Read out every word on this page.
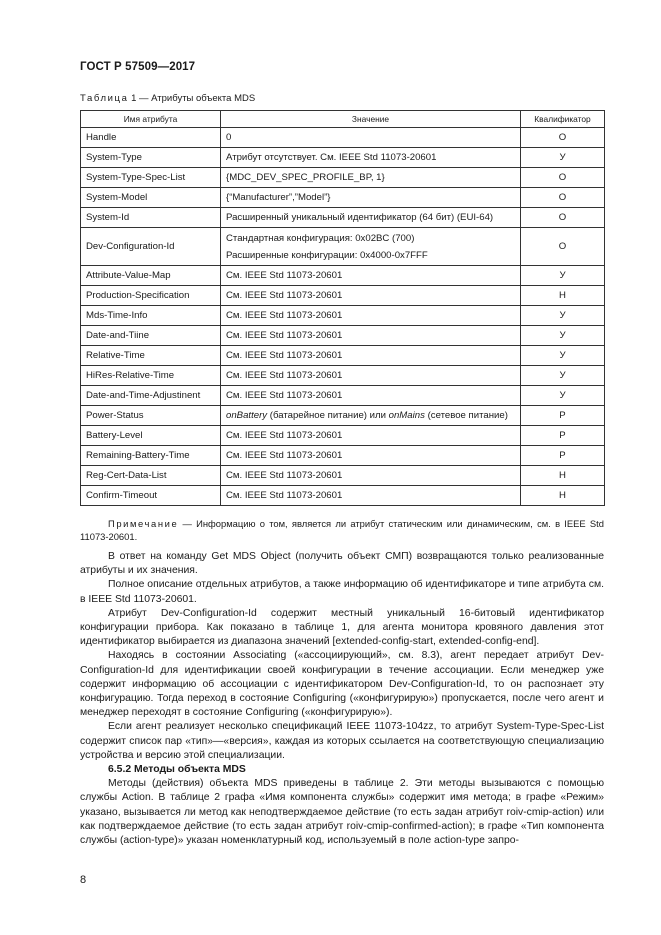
ГОСТ Р 57509—2017
Таблица 1 — Атрибуты объекта MDS
Имя атрибута	Значение	Квалификатор
Handle	0	О
System-Type	Атрибут отсутствует. См. IEEE Std 11073-20601	У
System-Type-Spec-List	{MDC_DEV_SPEC_PROFILE_BP, 1}	О
System-Model	{“Manufacturer”,”Model”}	О
System-Id	Расширенный уникальный идентификатор (64 бит) (EUI-64)	О
Dev-Configuration-Id	Стандартная конфигурация: 0x02BC (700)
Расширенные конфигурации: 0x4000-0x7FFF	О
Attribute-Value-Map	См. IEEE Std 11073-20601	У
Production-Specification	См. IEEE Std 11073-20601	Н
Mds-Time-Info	См. IEEE Std 11073-20601	У
Date-and-Tiine	См. IEEE Std 11073-20601	У
Relative-Time	См. IEEE Std 11073-20601	У
HiRes-Relative-Time	См. IEEE Std 11073-20601	У
Date-and-Time-Adjustinent	См. IEEE Std 11073-20601	У
Power-Status	onBattery (батарейное питание) или onMains (сетевое питание)	Р
Battery-Level	См. IEEE Std 11073-20601	Р
Remaining-Battery-Time	См. IEEE Std 11073-20601	Р
Reg-Cert-Data-List	См. IEEE Std 11073-20601	Н
Confirm-Timeout	См. IEEE Std 11073-20601	Н

Примечание — Информацию о том, является ли атрибут статическим или динамическим, см. в IEEE Std 11073-20601.

В ответ на команду Get MDS Object (получить объект СМП) возвращаются только реализованные атрибуты и их значения.

Полное описание отдельных атрибутов, а также информацию об идентификаторе и типе атрибута см. в IEEE Std 11073-20601.

Атрибут Dev-Configuration-Id содержит местный уникальный 16-битовый идентификатор конфигурации прибора. Как показано в таблице 1, для агента монитора кровяного давления этот идентификатор выбирается из диапазона значений [extended-config-start, extended-config-end].

Находясь в состоянии Associating («ассоциирующий», см. 8.3), агент передает атрибут Dev-Configuration-Id для идентификации своей конфигурации в течение ассоциации. Если менеджер уже содержит информацию об ассоциации с идентификатором Dev-Configuration-Id, то он распознает эту конфигурацию. Тогда переход в состояние Configuring («конфигурирую») пропускается, после чего агент и менеджер переходят в состояние Configuring («конфигурирую»).

Если агент реализует несколько спецификаций IEEE 11073-104zz, то атрибут System-Type-Spec-List содержит список пар «тип»—«версия», каждая из которых ссылается на соответствующую специализацию устройства и версию этой специализации.

6.5.2 Методы объекта MDS

Методы (действия) объекта MDS приведены в таблице 2. Эти методы вызываются с помощью службы Action. В таблице 2 графа «Имя компонента службы» содержит имя метода; в графе «Режим» указано, вызывается ли метод как неподтверждаемое действие (то есть задан атрибут roiv-cmip-action) или как подтверждаемое действие (то есть задан атрибут roiv-cmip-confirmed-action); в графе «Тип компонента службы (action-type)» указан номенклатурный код, используемый в поле action-type запро-

8
